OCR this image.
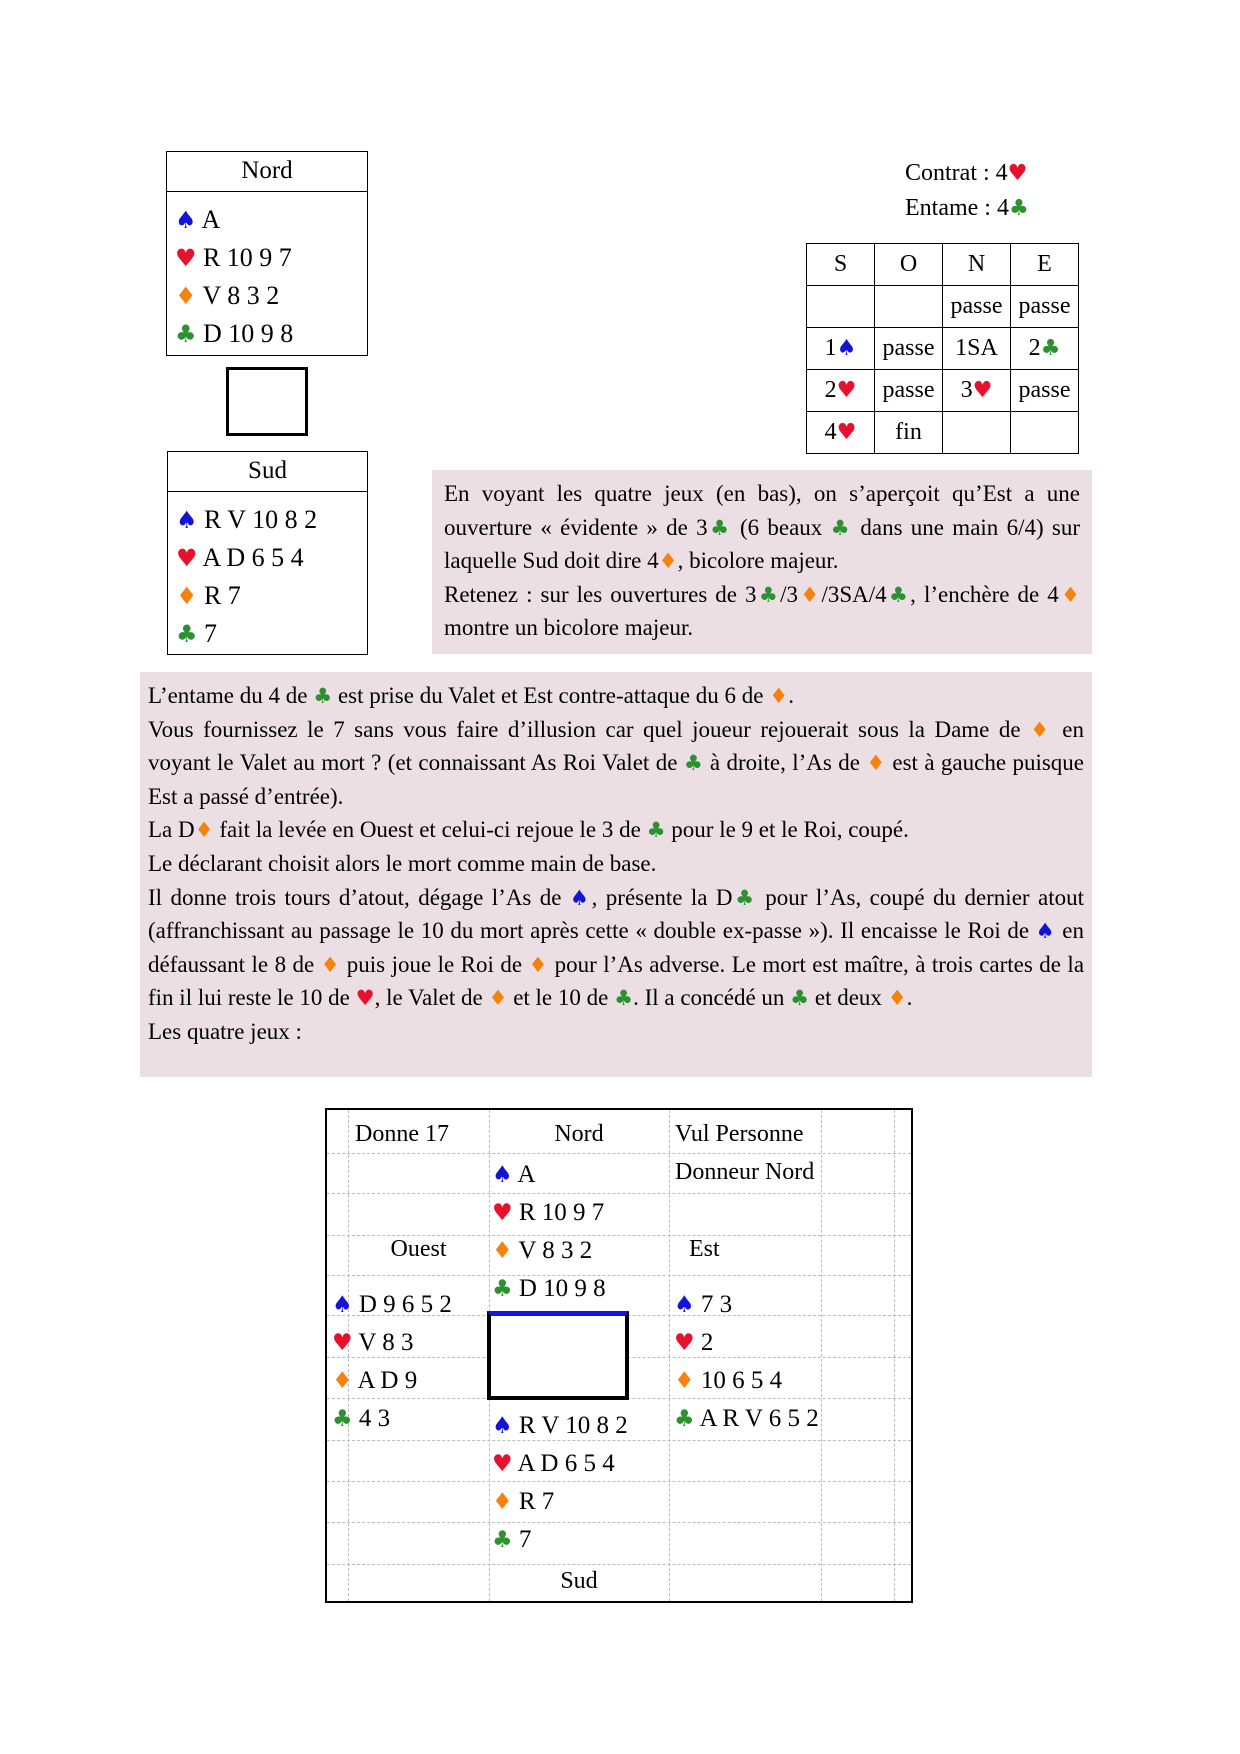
Nord
♠ A
♥ R 10 9 7
♦ V 8 3 2
♣ D 10 9 8
Sud
♠ R V 10 8 2
♥ A D 6 5 4
♦ R 7
♣ 7
Contrat : 4♥
Entame : 4♣
S	O	N	E
		passe	passe
1♠	passe	1SA	2♣
2♥	passe	3♥	passe
4♥	fin		

En voyant les quatre jeux (en bas), on s’aperçoit qu’Est a une ouverture « évidente » de 3♣ (6 beaux ♣ dans une main 6/4) sur laquelle Sud doit dire 4♦, bicolore majeur.

Retenez : sur les ouvertures de 3♣/3♦/3SA/4♣, l’enchère de 4♦ montre un bicolore majeur.

L’entame du 4 de ♣ est prise du Valet et Est contre-attaque du 6 de ♦.

Vous fournissez le 7 sans vous faire d’illusion car quel joueur rejouerait sous la Dame de ♦ en voyant le Valet au mort ? (et connaissant As Roi Valet de ♣ à droite, l’As de ♦ est à gauche puisque Est a passé d’entrée).

La D♦ fait la levée en Ouest et celui-ci rejoue le 3 de ♣ pour le 9 et le Roi, coupé.

Le déclarant choisit alors le mort comme main de base.

Il donne trois tours d’atout, dégage l’As de ♠, présente la D♣ pour l’As, coupé du dernier atout (affranchissant au passage le 10 du mort après cette « double ex-passe »). Il encaisse le Roi de ♠ en défaussant le 8 de ♦ puis joue le Roi de ♦ pour l’As adverse. Le mort est maître, à trois cartes de la fin il lui reste le 10 de ♥, le Valet de ♦ et le 10 de ♣. Il a concédé un ♣ et deux ♦.

Les quatre jeux :

Donne 17	Nord	Vul Personne
Donneur Nord
♠ A
♥ R 10 9 7
♦ V 8 3 2
♣ D 10 9 8
Ouest	Est
♠ D 9 6 5 2
♥ V 8 3
♦ A D 9
♣ 4 3
♠ 7 3
♥ 2
♦ 10 6 5 4
♣ A R V 6 5 2
♠ R V 10 8 2
♥ A D 6 5 4
♦ R 7
♣ 7
Sud
